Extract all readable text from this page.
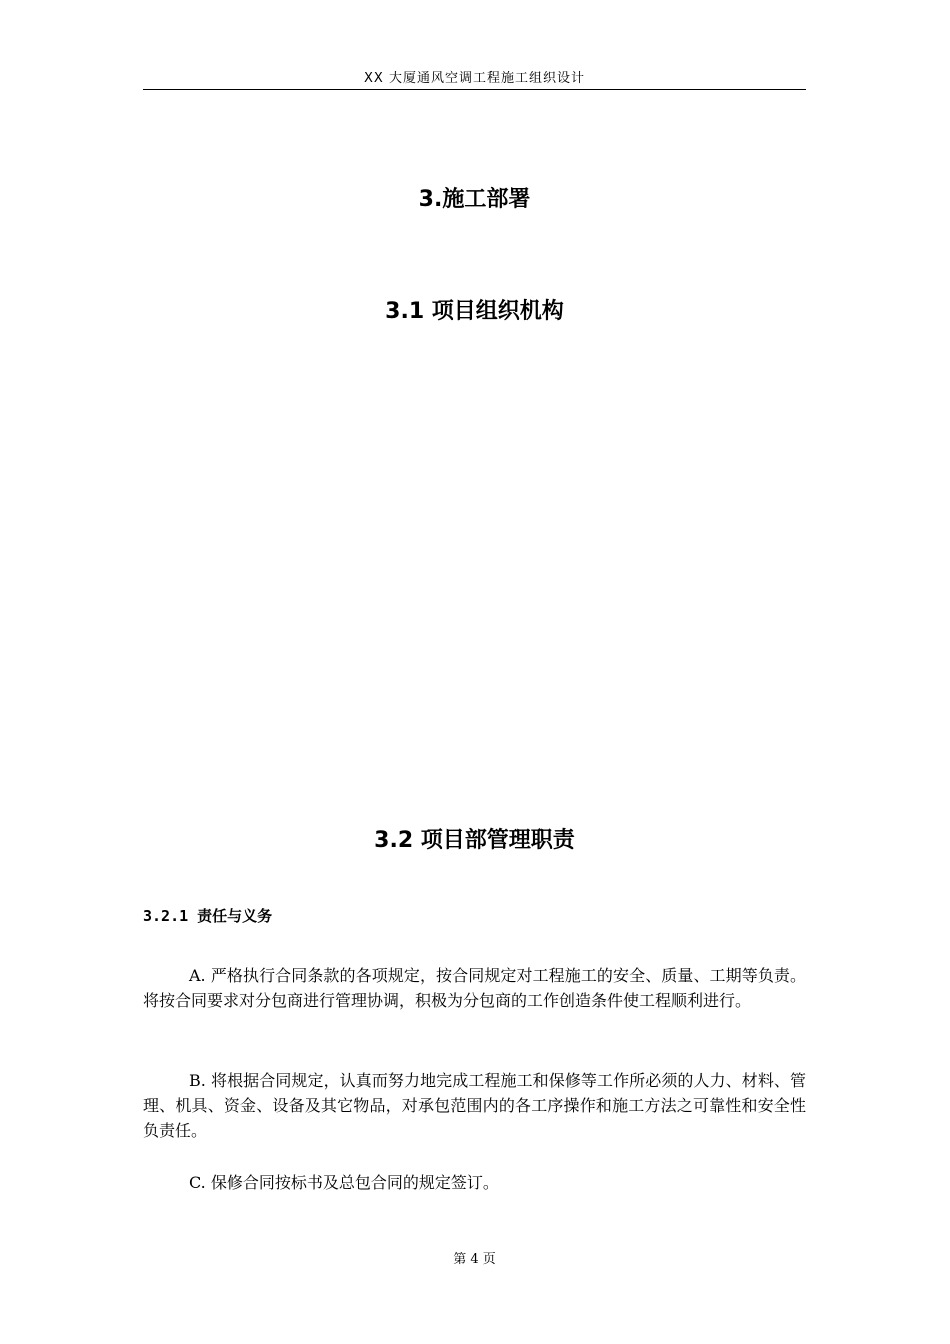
XX 大厦通风空调工程施工组织设计
3.施工部署
3.1 项目组织机构
3.2 项目部管理职责
3.2.1 责任与义务

A. 严格执行合同条款的各项规定，按合同规定对工程施工的安全、质量、工期等负责。将按合同要求对分包商进行管理协调，积极为分包商的工作创造条件使工程顺利进行。

B. 将根据合同规定，认真而努力地完成工程施工和保修等工作所必须的人力、材料、管理、机具、资金、设备及其它物品，对承包范围内的各工序操作和施工方法之可靠性和安全性负责任。

C. 保修合同按标书及总包合同的规定签订。

第 4 页
